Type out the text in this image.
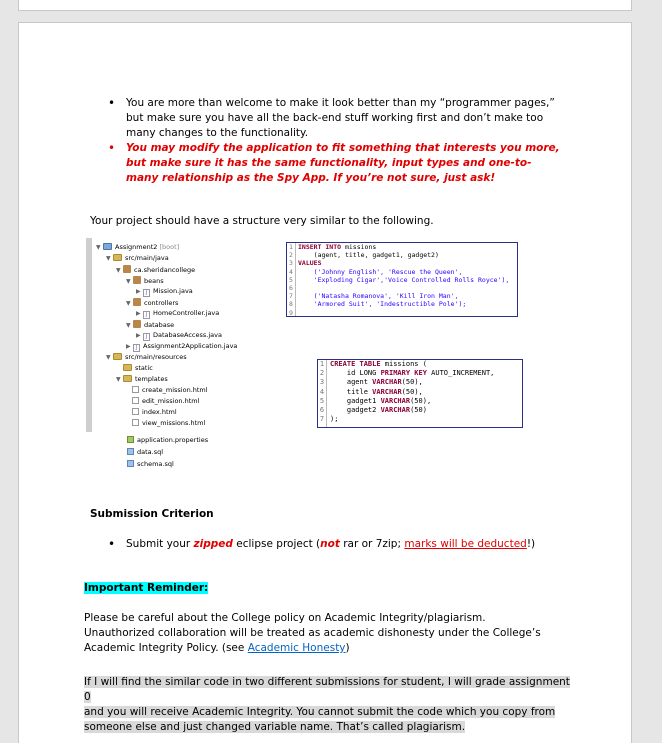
• You are more than welcome to make it look better than my “programmer pages,” but make sure you have all the back-end stuff working first and don’t make too many changes to the functionality.
• You may modify the application to fit something that interests you more, but make sure it has the same functionality, input types and one-to-many relationship as the Spy App. If you’re not sure, just ask!
Your project should have a structure very similar to the following.
▼ Assignment2 [boot]
▼ src/main/java
▼ ca.sheridancollege
▼ beans
▶ J Mission.java
▼ controllers
▶ J HomeController.java
▼ database
▶ J DatabaseAccess.java
▶ J Assignment2Application.java
▼ src/main/resources
static
▼ templates
create_mission.html
edit_mission.html
index.html
view_missions.html
application.properties
data.sql
schema.sql
1
2
3
4
5
6
7
8
9
INSERT INTO missions
(agent, title, gadget1, gadget2)
VALUES
('Johnny English', 'Rescue the Queen',
'Exploding Cigar','Voice Controlled Rolls Royce'),

('Natasha Romanova', 'Kill Iron Man',
'Armored Suit', 'Indestructible Pole');
1
2
3
4
5
6
7
CREATE TABLE missions (
id LONG PRIMARY KEY AUTO_INCREMENT,
agent VARCHAR(50),
title VARCHAR(50),
gadget1 VARCHAR(50),
gadget2 VARCHAR(50)
);
Submission Criterion
• Submit your zipped eclipse project (not rar or 7zip; marks will be deducted!)
Important Reminder:
Please be careful about the College policy on Academic Integrity/plagiarism.
Unauthorized collaboration will be treated as academic dishonesty under the College’s Academic Integrity Policy. (see Academic Honesty)
If I will find the similar code in two different submissions for student, I will grade assignment 0
and you will receive Academic Integrity. You cannot submit the code which you copy from
someone else and just changed variable name. That’s called plagiarism.
